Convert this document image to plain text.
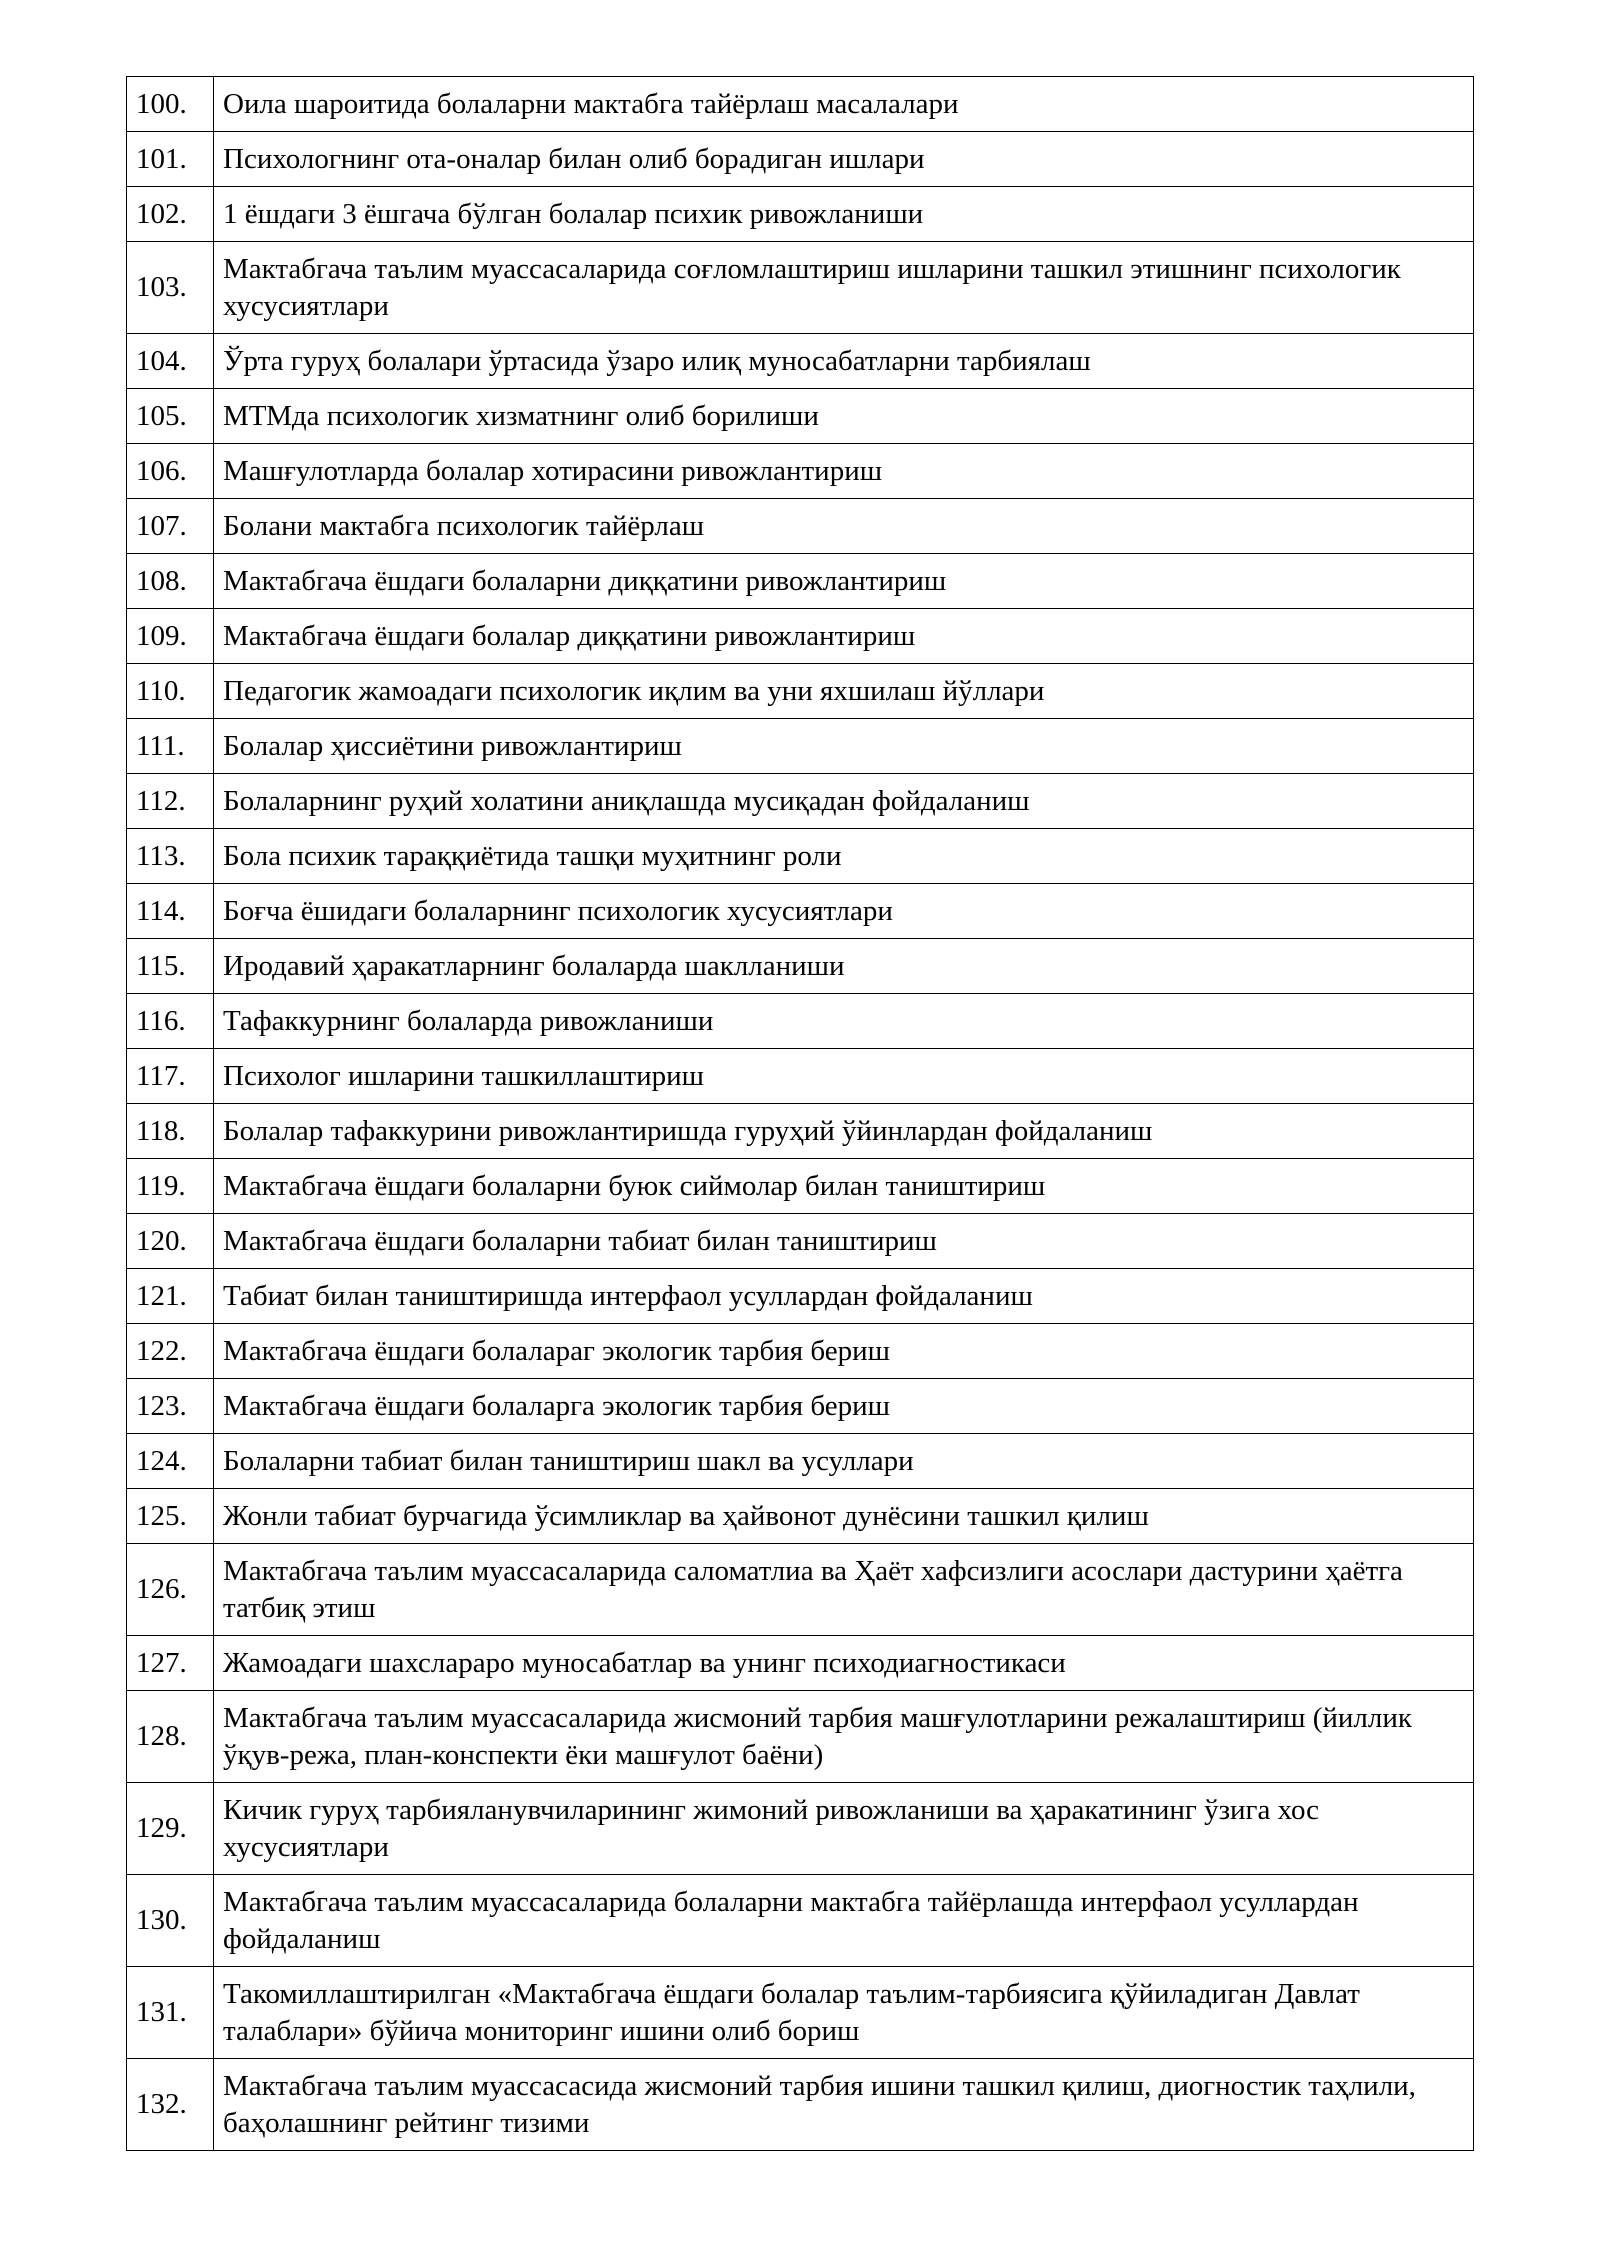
100.	Оила шароитида болаларни мактабга тайёрлаш масалалари
101.	Психологнинг ота-оналар билан олиб борадиган ишлари
102.	1 ёшдаги 3 ёшгача бўлган болалар психик ривожланиши
103.	Мактабгача таълим муассасаларида соғломлаштириш ишларини ташкил этишнинг психологик хусусиятлари
104.	Ўрта гуруҳ болалари ўртасида ўзаро илиқ муносабатларни тарбиялаш
105.	МТМда психологик хизматнинг олиб борилиши
106.	Машғулотларда болалар хотирасини ривожлантириш
107.	Болани мактабга психологик тайёрлаш
108.	Мактабгача ёшдаги болаларни диққатини ривожлантириш
109.	Мактабгача ёшдаги болалар диққатини ривожлантириш
110.	Педагогик жамоадаги психологик иқлим ва уни яхшилаш йўллари
111.	Болалар ҳиссиётини ривожлантириш
112.	Болаларнинг руҳий холатини аниқлашда мусиқадан фойдаланиш
113.	Бола психик тараққиётида ташқи муҳитнинг роли
114.	Боғча ёшидаги болаларнинг психологик хусусиятлари
115.	Иродавий ҳаракатларнинг болаларда шаклланиши
116.	Тафаккурнинг болаларда ривожланиши
117.	Психолог ишларини ташкиллаштириш
118.	Болалар тафаккурини ривожлантиришда гуруҳий ўйинлардан фойдаланиш
119.	Мактабгача ёшдаги болаларни буюк сиймолар билан таништириш
120.	Мактабгача ёшдаги болаларни табиат билан таништириш
121.	Табиат билан таништиришда интерфаол усуллардан фойдаланиш
122.	Мактабгача ёшдаги болалараг экологик тарбия бериш
123.	Мактабгача ёшдаги болаларга экологик тарбия бериш
124.	Болаларни табиат билан таништириш шакл ва усуллари
125.	Жонли табиат бурчагида ўсимликлар ва ҳайвонот дунёсини ташкил қилиш
126.	Мактабгача таълим муассасаларида саломатлиа ва Ҳаёт хафсизлиги асослари дастурини ҳаётга татбиқ этиш
127.	Жамоадаги шахслараро муносабатлар ва унинг психодиагностикаси
128.	Мактабгача таълим муассасаларида жисмоний тарбия машғулотларини режалаштириш (йиллик ўқув-режа, план-конспекти ёки машғулот баёни)
129.	Кичик гуруҳ тарбияланувчиларининг жимоний ривожланиши ва ҳаракатининг ўзига хос хусусиятлари
130.	Мактабгача таълим муассасаларида болаларни мактабга тайёрлашда интерфаол усуллардан фойдаланиш
131.	Такомиллаштирилган «Мактабгача ёшдаги болалар таълим-тарбиясига қўйиладиган Давлат талаблари» бўйича мониторинг ишини олиб бориш
132.	Мактабгача таълим муассасасида жисмоний тарбия ишини ташкил қилиш, диогностик таҳлили, баҳолашнинг рейтинг тизими
